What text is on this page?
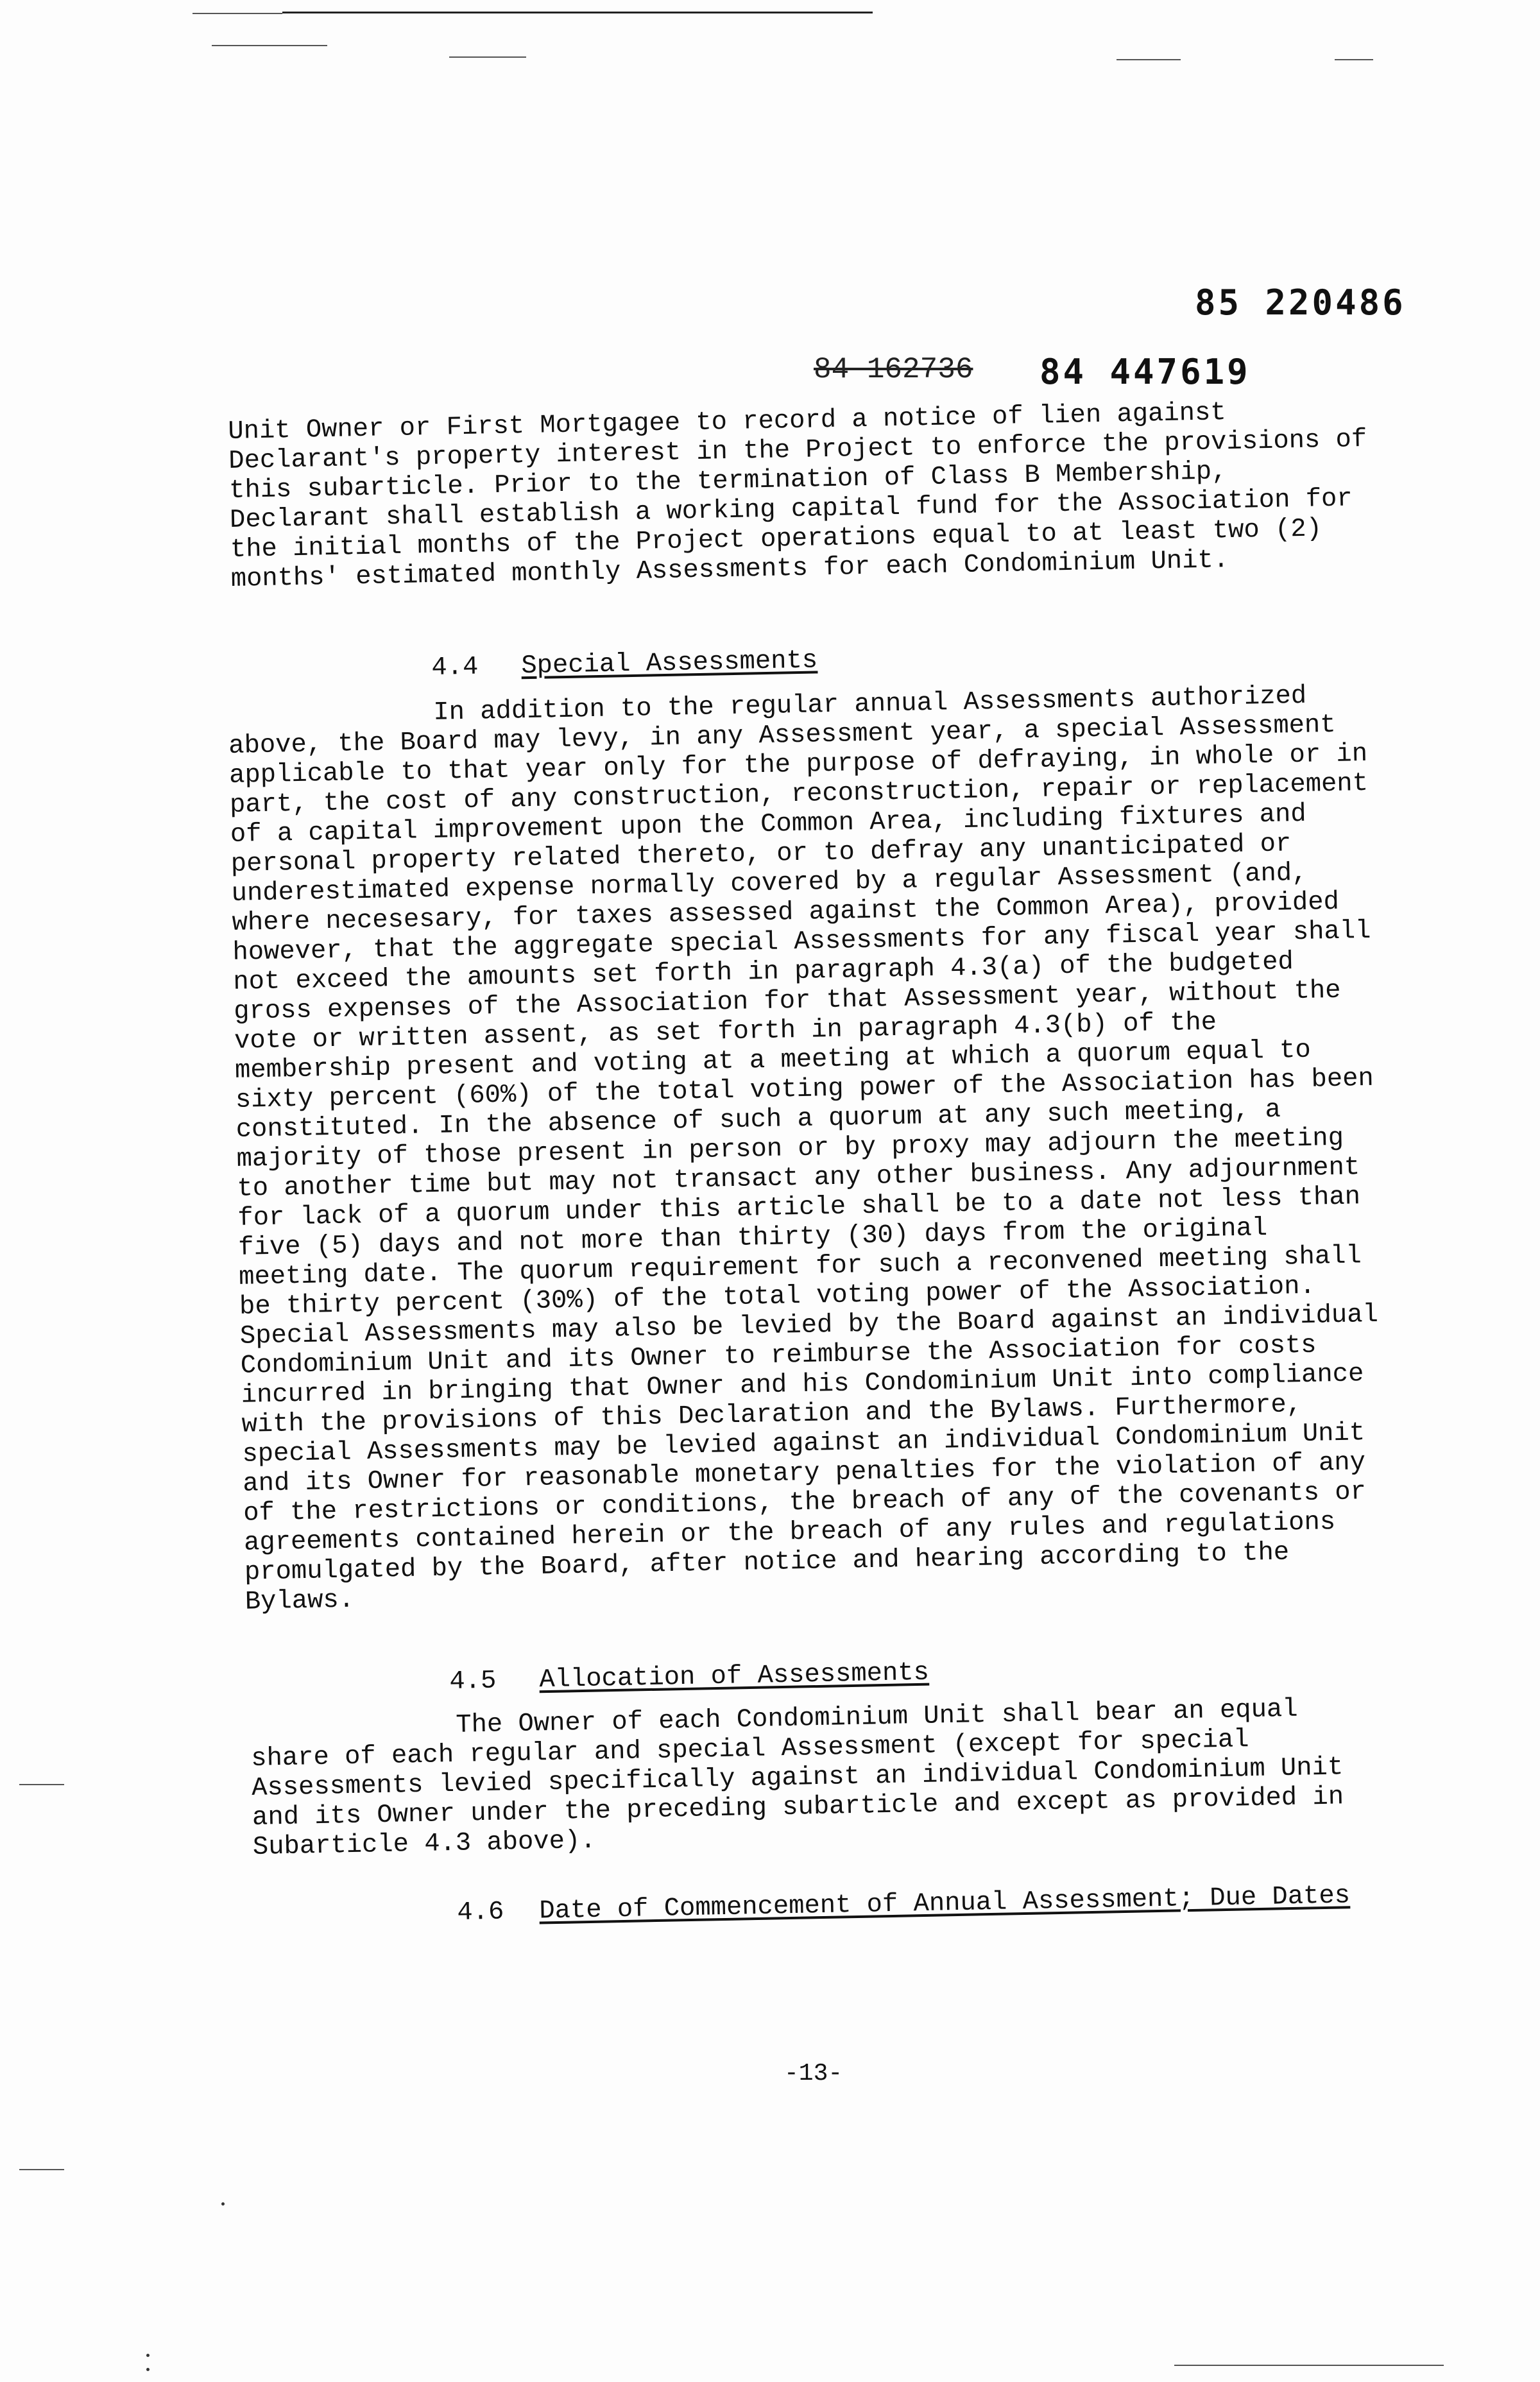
85 220486
84 162736 84 447619

Unit Owner or First Mortgagee to record a notice of lien against Declarant's property interest in the Project to enforce the provisions of this subarticle. Prior to the termination of Class B Membership, Declarant shall establish a working capital fund for the Association for the initial months of the Project operations equal to at least two (2) months' estimated monthly Assessments for each Condominium Unit.

4.4 Special Assessments

In addition to the regular annual Assessments authorized above, the Board may levy, in any Assessment year, a special Assessment applicable to that year only for the purpose of defraying, in whole or in part, the cost of any construction, reconstruction, repair or replacement of a capital improvement upon the Common Area, including fixtures and personal property related thereto, or to defray any unanticipated or underestimated expense normally covered by a regular Assessment (and, where necesesary, for taxes assessed against the Common Area), provided however, that the aggregate special Assessments for any fiscal year shall not exceed the amounts set forth in paragraph 4.3(a) of the budgeted gross expenses of the Association for that Assessment year, without the vote or written assent, as set forth in paragraph 4.3(b) of the membership present and voting at a meeting at which a quorum equal to sixty percent (60%) of the total voting power of the Association has been constituted. In the absence of such a quorum at any such meeting, a majority of those present in person or by proxy may adjourn the meeting to another time but may not transact any other business. Any adjournment for lack of a quorum under this article shall be to a date not less than five (5) days and not more than thirty (30) days from the original meeting date. The quorum requirement for such a reconvened meeting shall be thirty percent (30%) of the total voting power of the Association. Special Assessments may also be levied by the Board against an individual Condominium Unit and its Owner to reimburse the Association for costs incurred in bringing that Owner and his Condominium Unit into compliance with the provisions of this Declaration and the Bylaws. Furthermore, special Assessments may be levied against an individual Condominium Unit and its Owner for reasonable monetary penalties for the violation of any of the restrictions or conditions, the breach of any of the covenants or agreements contained herein or the breach of any rules and regulations promulgated by the Board, after notice and hearing according to the Bylaws.

4.5 Allocation of Assessments

The Owner of each Condominium Unit shall bear an equal share of each regular and special Assessment (except for special Assessments levied specifically against an individual Condominium Unit and its Owner under the preceding subarticle and except as provided in Subarticle 4.3 above).

4.6 Date of Commencement of Annual Assessment; Due Dates
-13-
